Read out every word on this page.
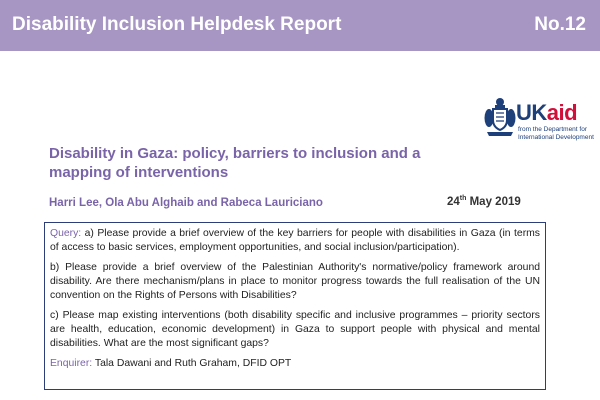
Disability Inclusion Helpdesk Report	No.12
UKaid
from the Department for
International Development
Disability in Gaza: policy, barriers to inclusion and a mapping of interventions
Harri Lee, Ola Abu Alghaib and Rabeca Lauriciano	24th May 2019

Query: a) Please provide a brief overview of the key barriers for people with disabilities in Gaza (in terms of access to basic services, employment opportunities, and social inclusion/participation).

b) Please provide a brief overview of the Palestinian Authority's normative/policy framework around disability. Are there mechanism/plans in place to monitor progress towards the full realisation of the UN convention on the Rights of Persons with Disabilities?

c) Please map existing interventions (both disability specific and inclusive programmes – priority sectors are health, education, economic development) in Gaza to support people with physical and mental disabilities. What are the most significant gaps?

Enquirer: Tala Dawani and Ruth Graham, DFID OPT
